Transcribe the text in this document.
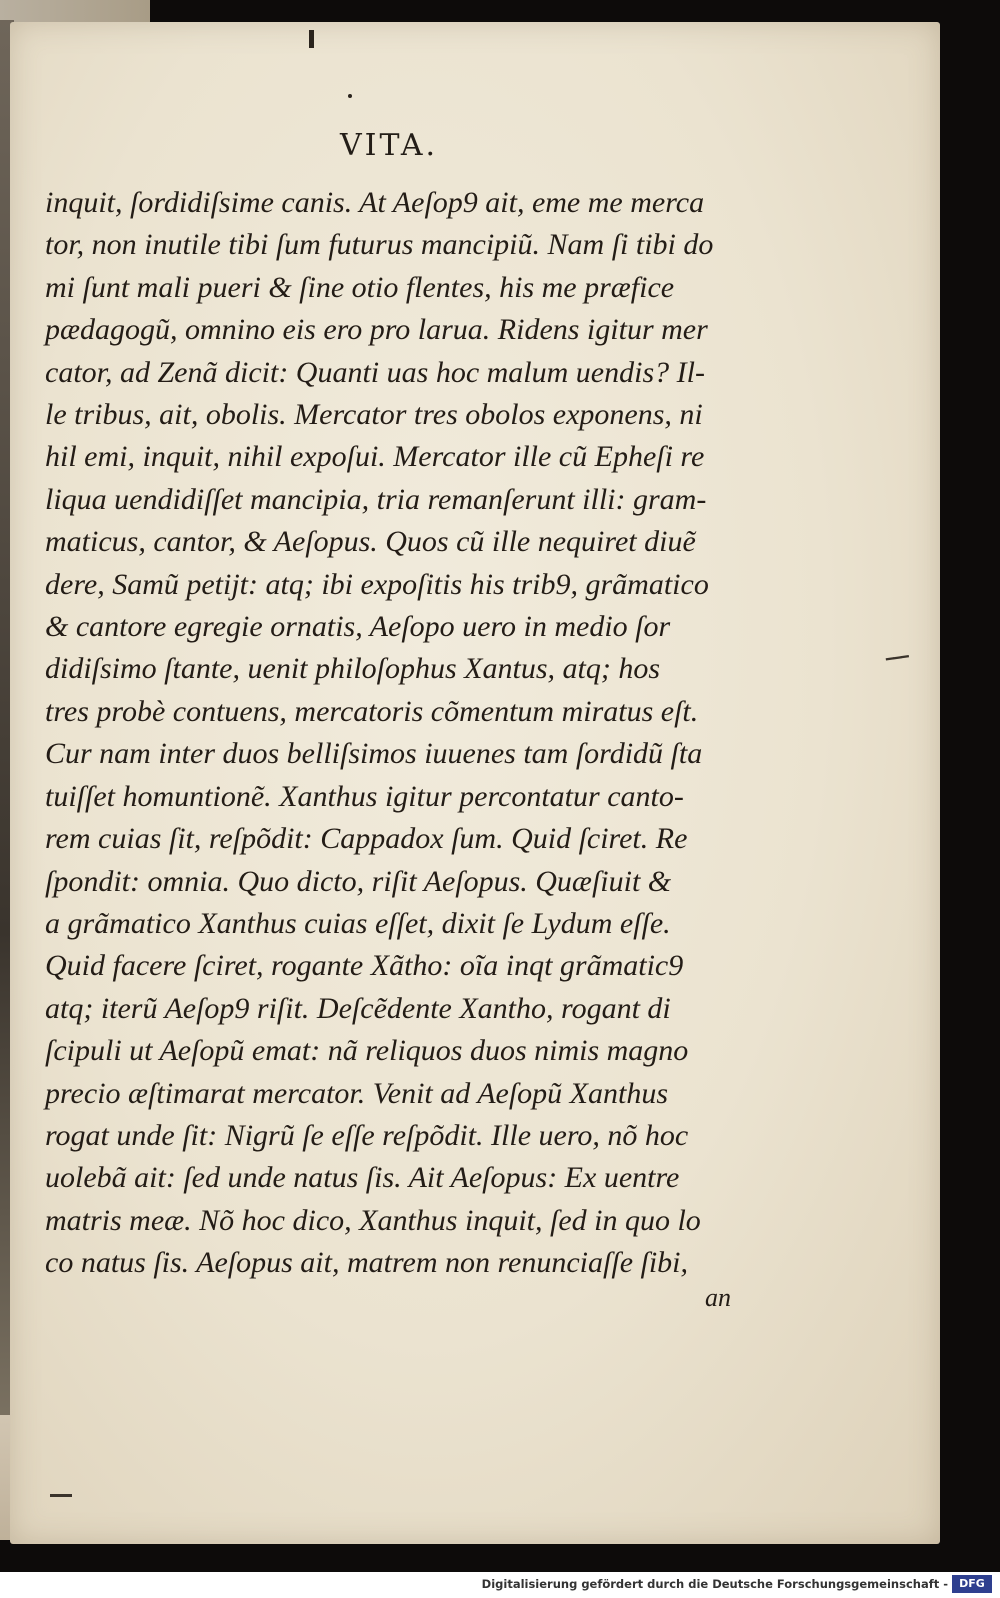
VITA.
inquit, ſordidiſsime canis. At Aeſop9 ait, eme me merca
tor, non inutile tibi ſum futurus mancipiũ. Nam ſi tibi do
mi ſunt mali pueri & ſine otio flentes, his me præfice
pædagogũ, omnino eis ero pro larua. Ridens igitur mer
cator, ad Zenã dicit: Quanti uas hoc malum uendis? Il-
le tribus, ait, obolis. Mercator tres obolos exponens, ni
hil emi, inquit, nihil expoſui. Mercator ille cũ Epheſi re
liqua uendidiſſet mancipia, tria remanſerunt illi: gram-
maticus, cantor, & Aeſopus. Quos cũ ille nequiret diuẽ
dere, Samũ petijt: atq; ibi expoſitis his trib9, grãmatico
& cantore egregie ornatis, Aeſopo uero in medio ſor
didiſsimo ſtante, uenit philoſophus Xantus, atq; hos
tres probè contuens, mercatoris cõmentum miratus eſt.
Cur nam inter duos belliſsimos iuuenes tam ſordidũ ſta
tuiſſet homuntionẽ. Xanthus igitur percontatur canto-
rem cuias ſit, reſpõdit: Cappadox ſum. Quid ſciret. Re
ſpondit: omnia. Quo dicto, riſit Aeſopus. Quæſiuit &
a grãmatico Xanthus cuias eſſet, dixit ſe Lydum eſſe.
Quid facere ſciret, rogante Xãtho: oĩa inqt grãmatic9
atq; iterũ Aeſop9 riſit. Deſcẽdente Xantho, rogant di
ſcipuli ut Aeſopũ emat: nã reliquos duos nimis magno
precio æſtimarat mercator. Venit ad Aeſopũ Xanthus
rogat unde ſit: Nigrũ ſe eſſe reſpõdit. Ille uero, nõ hoc
uolebã ait: ſed unde natus ſis. Ait Aeſopus: Ex uentre
matris meæ. Nõ hoc dico, Xanthus inquit, ſed in quo lo
co natus ſis. Aeſopus ait, matrem non renunciaſſe ſibi,
an
ـــ
Digitalisierung gefördert durch die Deutsche Forschungsgemeinschaft -	DFG
